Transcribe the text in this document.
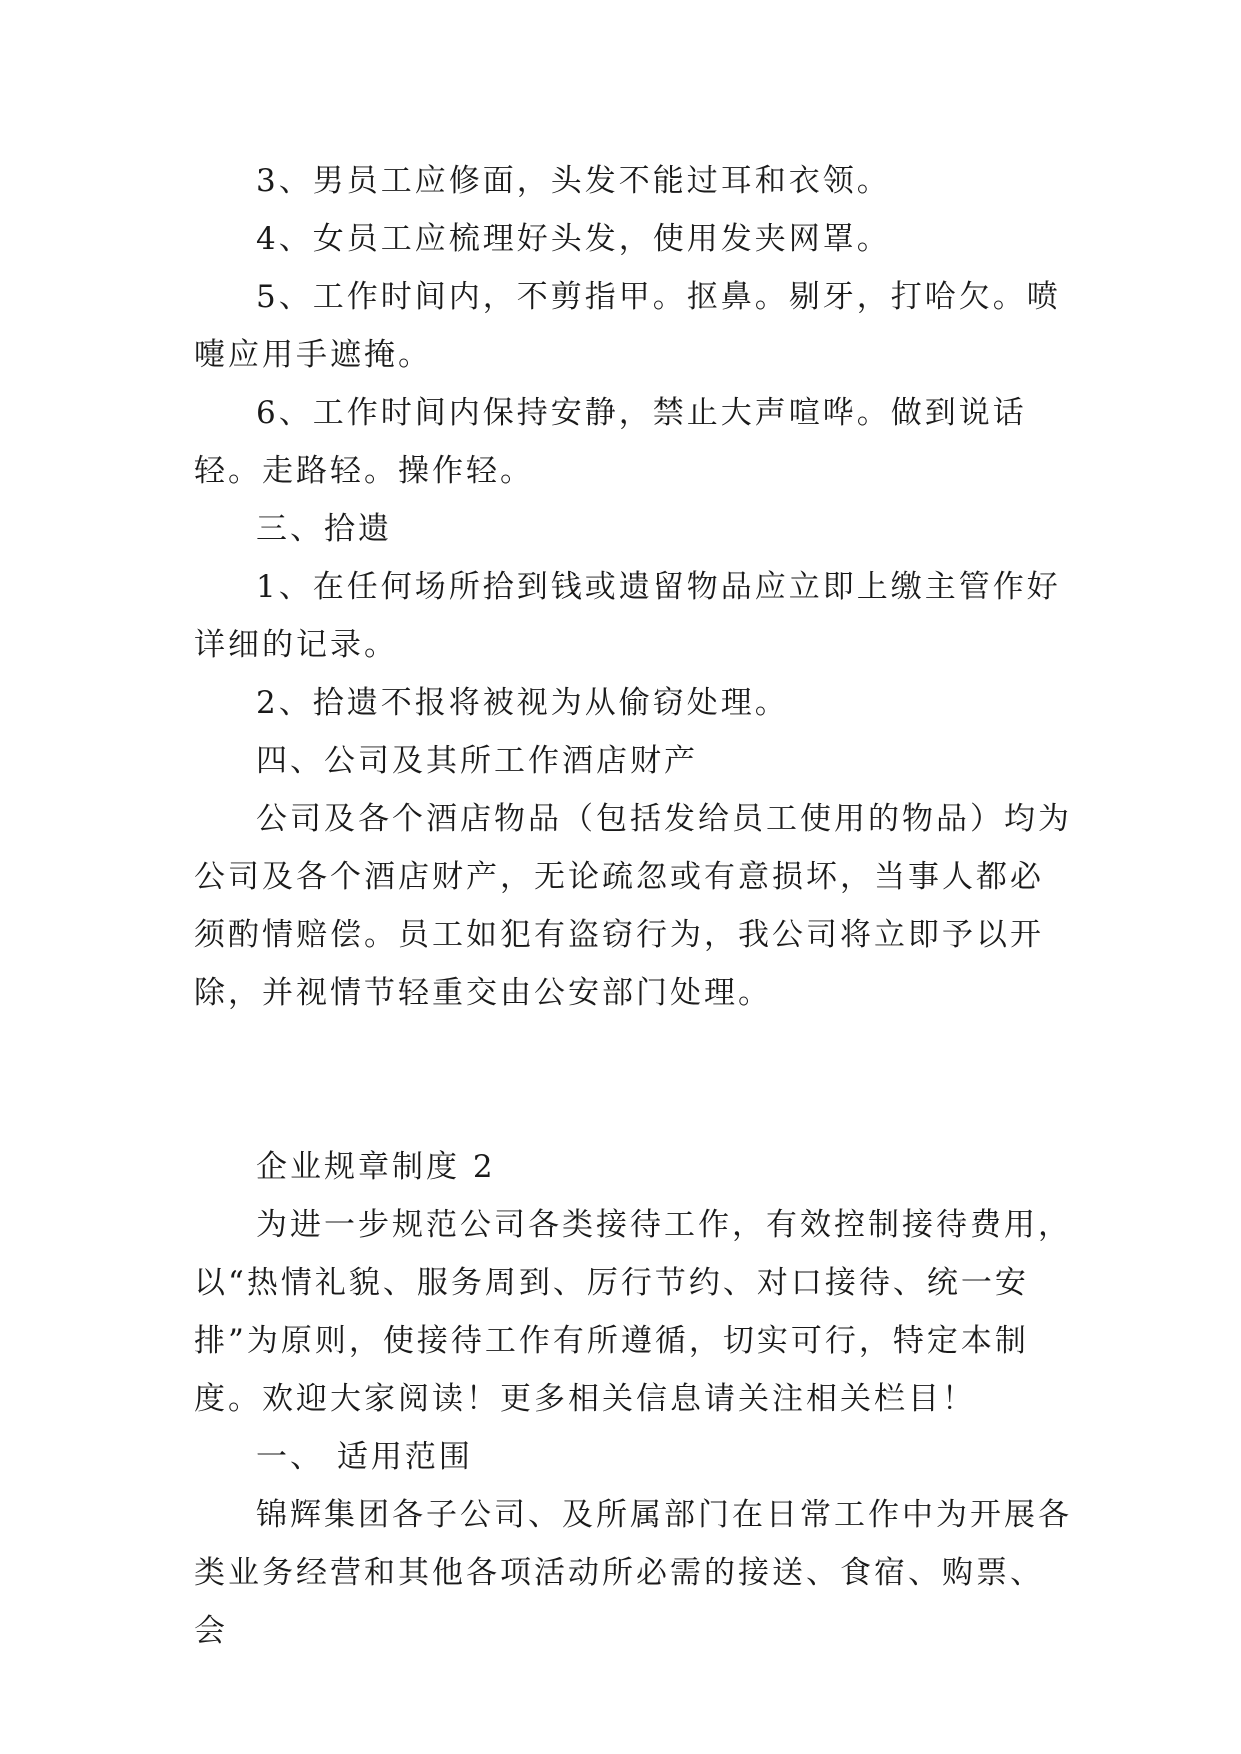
3、男员工应修面，头发不能过耳和衣领。

4、女员工应梳理好头发，使用发夹网罩。

5、工作时间内，不剪指甲。抠鼻。剔牙，打哈欠。喷嚏应用手遮掩。

6、工作时间内保持安静，禁止大声喧哗。做到说话轻。走路轻。操作轻。

三、拾遗

1、在任何场所拾到钱或遗留物品应立即上缴主管作好详细的记录。

2、拾遗不报将被视为从偷窃处理。

四、公司及其所工作酒店财产

公司及各个酒店物品（包括发给员工使用的物品）均为公司及各个酒店财产，无论疏忽或有意损坏，当事人都必须酌情赔偿。员工如犯有盗窃行为，我公司将立即予以开除，并视情节轻重交由公安部门处理。

企业规章制度 2

为进一步规范公司各类接待工作，有效控制接待费用，以“热情礼貌、服务周到、厉行节约、对口接待、统一安排”为原则，使接待工作有所遵循，切实可行，特定本制度。欢迎大家阅读！更多相关信息请关注相关栏目！

一、 适用范围

锦辉集团各子公司、及所属部门在日常工作中为开展各类业务经营和其他各项活动所必需的接送、食宿、购票、会
